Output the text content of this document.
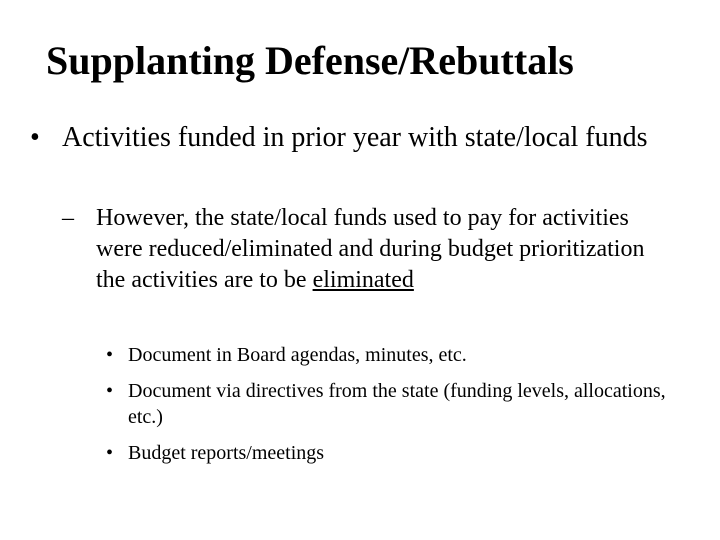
Supplanting Defense/Rebuttals
• Activities funded in prior year with state/local funds
– However, the state/local funds used to pay for activities were reduced/eliminated and during budget prioritization the activities are to be eliminated
• Document in Board agendas, minutes, etc.
• Document via directives from the state (funding levels, allocations, etc.)
• Budget reports/meetings
